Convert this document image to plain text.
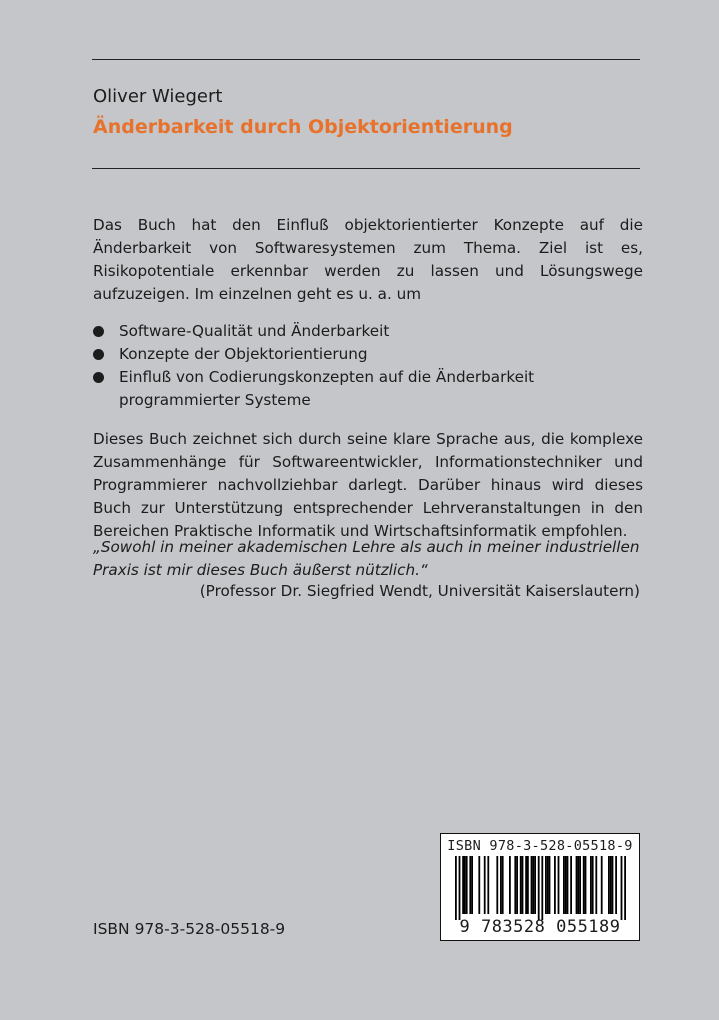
Oliver Wiegert
Änderbarkeit durch Objektorientierung

Das Buch hat den Einfluß objektorientierter Konzepte auf die Änderbarkeit von Softwaresystemen zum Thema. Ziel ist es, Risikopotentiale erkennbar werden zu lassen und Lösungswege aufzuzeigen. Im einzelnen geht es u. a. um

Software-Qualität und Änderbarkeit
Konzepte der Objektorientierung
Einfluß von Codierungskonzepten auf die Änderbarkeit programmierter Systeme

Dieses Buch zeichnet sich durch seine klare Sprache aus, die komplexe Zusammenhänge für Softwareentwickler, Informationstechniker und Programmierer nachvollziehbar darlegt. Darüber hinaus wird dieses Buch zur Unterstützung entsprechender Lehrveranstaltungen in den Bereichen Praktische Informatik und Wirtschaftsinformatik empfohlen.

„Sowohl in meiner akademischen Lehre als auch in meiner industriellen Praxis ist mir dieses Buch äußerst nützlich.“

(Professor Dr. Siegfried Wendt, Universität Kaiserslautern)
ISBN 978-3-528-05518-9
ISBN 978-3-528-05518-9
9 783528 055189
